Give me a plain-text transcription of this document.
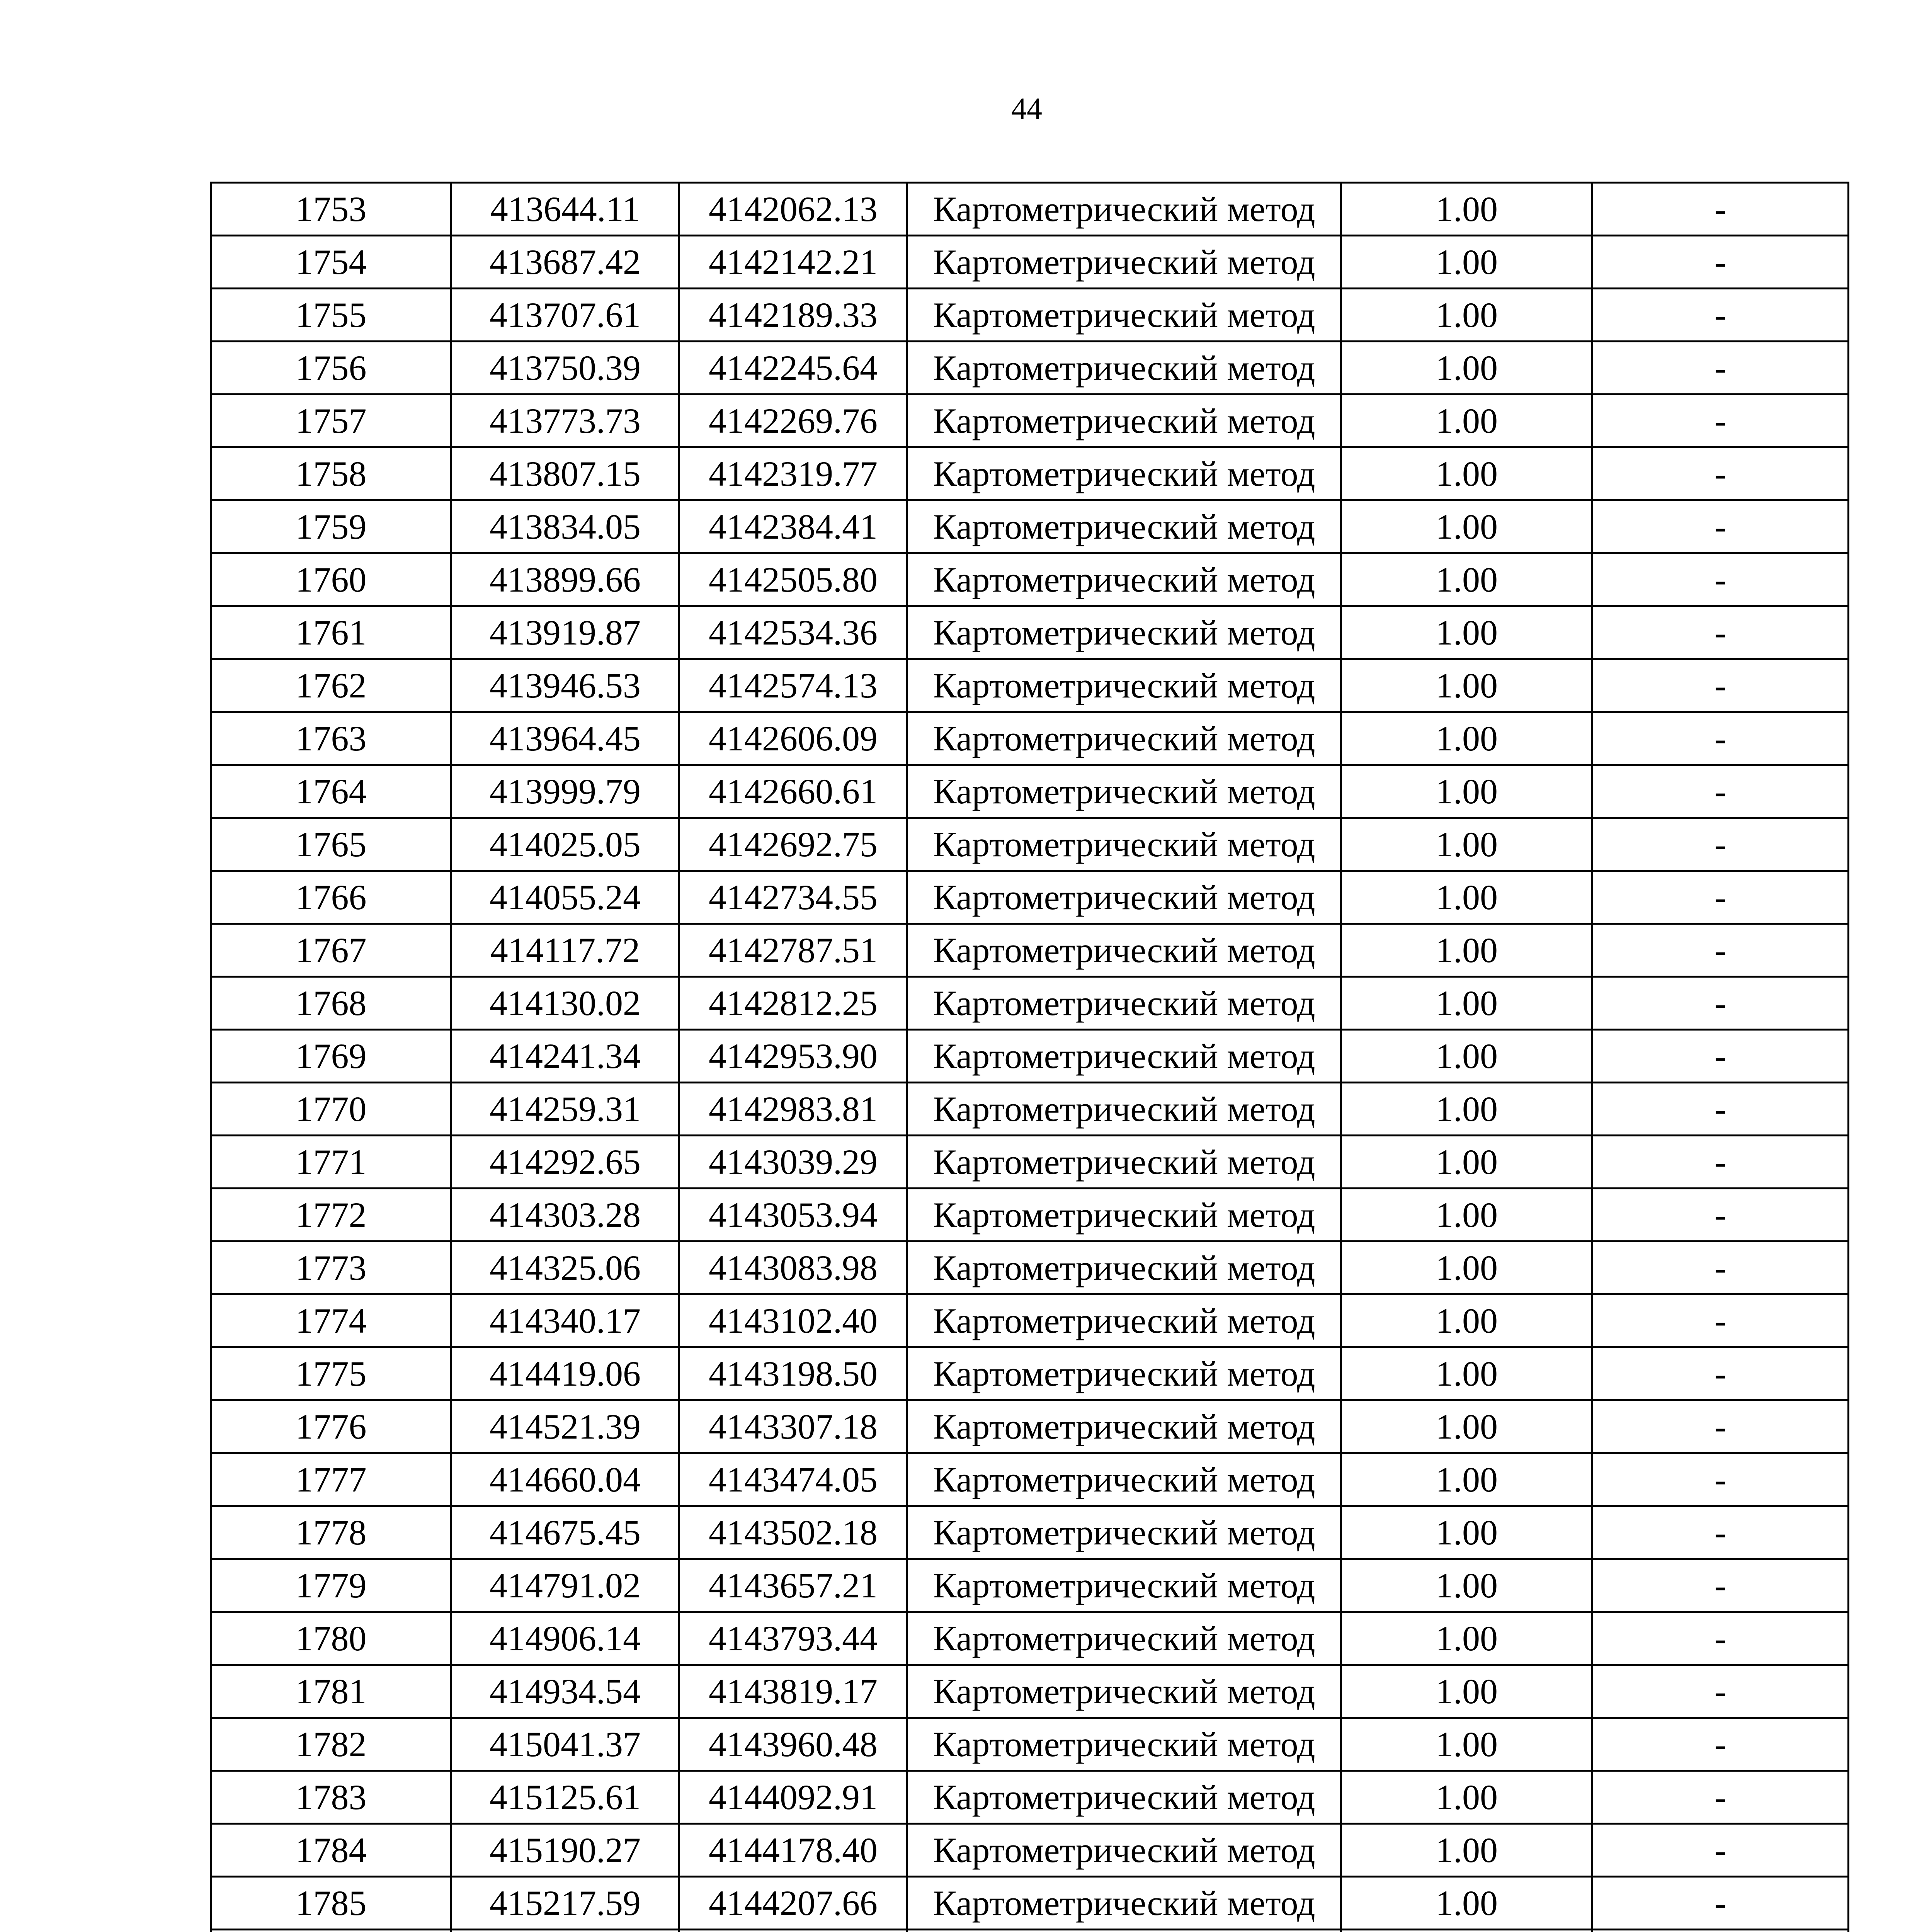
44
1753	413644.11	4142062.13	Картометрический метод	1.00	-
1754	413687.42	4142142.21	Картометрический метод	1.00	-
1755	413707.61	4142189.33	Картометрический метод	1.00	-
1756	413750.39	4142245.64	Картометрический метод	1.00	-
1757	413773.73	4142269.76	Картометрический метод	1.00	-
1758	413807.15	4142319.77	Картометрический метод	1.00	-
1759	413834.05	4142384.41	Картометрический метод	1.00	-
1760	413899.66	4142505.80	Картометрический метод	1.00	-
1761	413919.87	4142534.36	Картометрический метод	1.00	-
1762	413946.53	4142574.13	Картометрический метод	1.00	-
1763	413964.45	4142606.09	Картометрический метод	1.00	-
1764	413999.79	4142660.61	Картометрический метод	1.00	-
1765	414025.05	4142692.75	Картометрический метод	1.00	-
1766	414055.24	4142734.55	Картометрический метод	1.00	-
1767	414117.72	4142787.51	Картометрический метод	1.00	-
1768	414130.02	4142812.25	Картометрический метод	1.00	-
1769	414241.34	4142953.90	Картометрический метод	1.00	-
1770	414259.31	4142983.81	Картометрический метод	1.00	-
1771	414292.65	4143039.29	Картометрический метод	1.00	-
1772	414303.28	4143053.94	Картометрический метод	1.00	-
1773	414325.06	4143083.98	Картометрический метод	1.00	-
1774	414340.17	4143102.40	Картометрический метод	1.00	-
1775	414419.06	4143198.50	Картометрический метод	1.00	-
1776	414521.39	4143307.18	Картометрический метод	1.00	-
1777	414660.04	4143474.05	Картометрический метод	1.00	-
1778	414675.45	4143502.18	Картометрический метод	1.00	-
1779	414791.02	4143657.21	Картометрический метод	1.00	-
1780	414906.14	4143793.44	Картометрический метод	1.00	-
1781	414934.54	4143819.17	Картометрический метод	1.00	-
1782	415041.37	4143960.48	Картометрический метод	1.00	-
1783	415125.61	4144092.91	Картометрический метод	1.00	-
1784	415190.27	4144178.40	Картометрический метод	1.00	-
1785	415217.59	4144207.66	Картометрический метод	1.00	-
